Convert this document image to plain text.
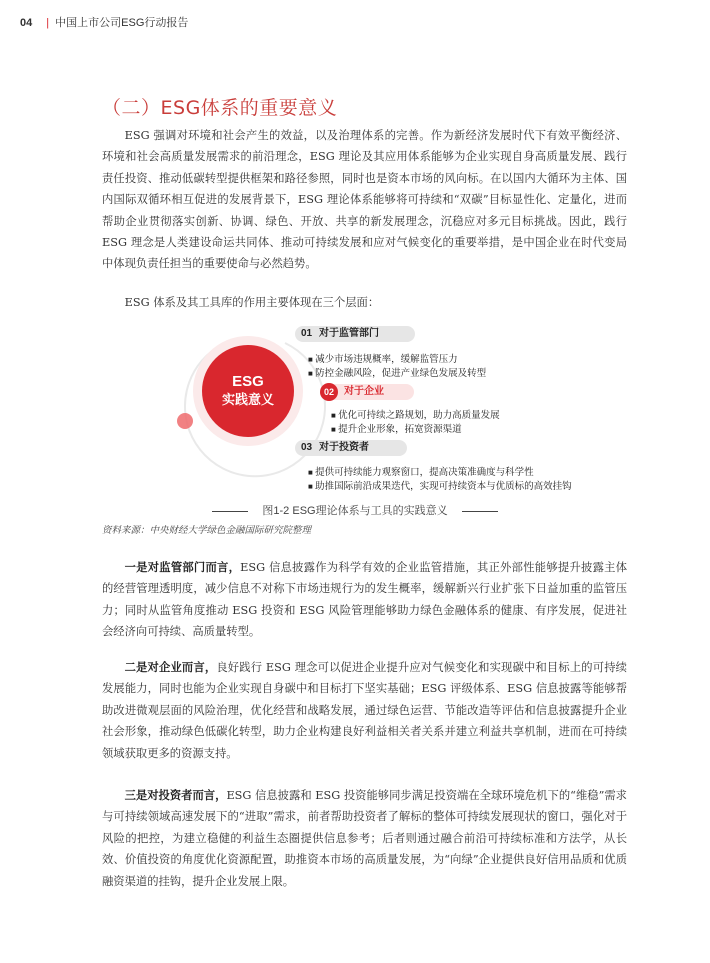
04 | 中国上市公司ESG行动报告
（二）ESG体系的重要意义
ESG 强调对环境和社会产生的效益，以及治理体系的完善。作为新经济发展时代下有效平衡经济、环境和社会高质量发展需求的前沿理念，ESG 理论及其应用体系能够为企业实现自身高质量发展、践行责任投资、推动低碳转型提供框架和路径参照，同时也是资本市场的风向标。在以国内大循环为主体、国内国际双循环相互促进的发展背景下，ESG 理论体系能够将可持续和“双碳”目标显性化、定量化，进而帮助企业贯彻落实创新、协调、绿色、开放、共享的新发展理念，沉稳应对多元目标挑战。因此，践行 ESG 理念是人类建设命运共同体、推动可持续发展和应对气候变化的重要举措，是中国企业在时代变局中体现负责任担当的重要使命与必然趋势。
ESG 体系及其工具库的作用主要体现在三个层面：
ESG
实践意义
01 对于监管部门
■ 减少市场违规概率，缓解监管压力
■ 防控金融风险，促进产业绿色发展及转型
02	对于企业
■ 优化可持续之路规划，助力高质量发展
■ 提升企业形象，拓宽资源渠道
03 对于投资者
■ 提供可持续能力观察窗口，提高决策准确度与科学性
■ 助推国际前沿成果迭代，实现可持续资本与优质标的高效挂钩
图1-2 ESG理论体系与工具的实践意义
资料来源：中央财经大学绿色金融国际研究院整理
一是对监管部门而言，ESG 信息披露作为科学有效的企业监管措施，其正外部性能够提升披露主体的经营管理透明度，减少信息不对称下市场违规行为的发生概率，缓解新兴行业扩张下日益加重的监管压力；同时从监管角度推动 ESG 投资和 ESG 风险管理能够助力绿色金融体系的健康、有序发展，促进社会经济向可持续、高质量转型。
二是对企业而言，良好践行 ESG 理念可以促进企业提升应对气候变化和实现碳中和目标上的可持续发展能力，同时也能为企业实现自身碳中和目标打下坚实基础；ESG 评级体系、ESG 信息披露等能够帮助改进微观层面的风险治理，优化经营和战略发展，通过绿色运营、节能改造等评估和信息披露提升企业社会形象，推动绿色低碳化转型，助力企业构建良好利益相关者关系并建立利益共享机制，进而在可持续领域获取更多的资源支持。
三是对投资者而言，ESG 信息披露和 ESG 投资能够同步满足投资端在全球环境危机下的“维稳”需求与可持续领域高速发展下的“进取”需求，前者帮助投资者了解标的整体可持续发展现状的窗口，强化对于风险的把控，为建立稳健的利益生态圈提供信息参考；后者则通过融合前沿可持续标准和方法学，从长效、价值投资的角度优化资源配置，助推资本市场的高质量发展，为“向绿”企业提供良好信用品质和优质融资渠道的挂钩，提升企业发展上限。
